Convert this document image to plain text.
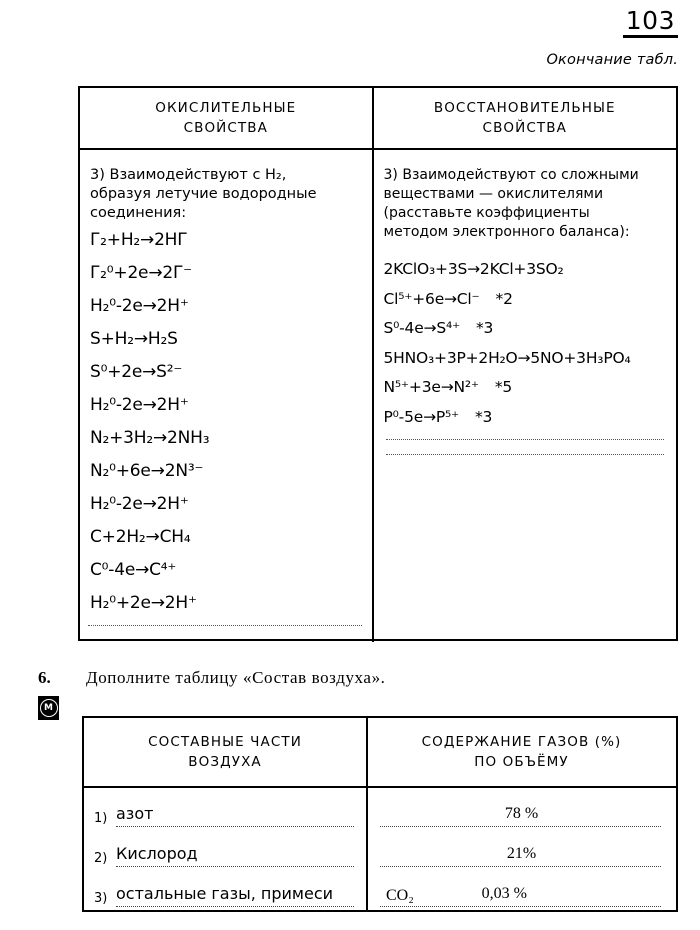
103
Окончание табл.
ОКИСЛИТЕЛЬНЫЕ
СВОЙСТВА
ВОССТАНОВИТЕЛЬНЫЕ
СВОЙСТВА
3) Взаимодействуют с H₂,
образуя летучие водородные
соединения:
Г₂+H₂→2HГ
Г₂⁰+2e→2Г⁻
H₂⁰-2e→2H⁺
S+H₂→H₂S
S⁰+2e→S²⁻
H₂⁰-2e→2H⁺
N₂+3H₂→2NH₃
N₂⁰+6e→2N³⁻
H₂⁰-2e→2H⁺
C+2H₂→CH₄
C⁰-4e→C⁴⁺
H₂⁰+2e→2H⁺
3) Взаимодействуют со сложными
веществами — окислителями
(расставьте коэффициенты
методом электронного баланса):
2KClO₃+3S→2KCl+3SO₂
Cl⁵⁺+6e→Cl⁻ *2
S⁰-4e→S⁴⁺ *3
5HNO₃+3P+2H₂O→5NO+3H₃PO₄
N⁵⁺+3e→N²⁺ *5
P⁰-5e→P⁵⁺ *3
6. Дополните таблицу «Состав воздуха».
M
СОСТАВНЫЕ ЧАСТИ
ВОЗДУХА
СОДЕРЖАНИЕ ГАЗОВ (%)
ПО ОБЪЁМУ
1) азот
2) Кислород
3) остальные газы, примеси
78 %
21%
CO₂	0,03 %
